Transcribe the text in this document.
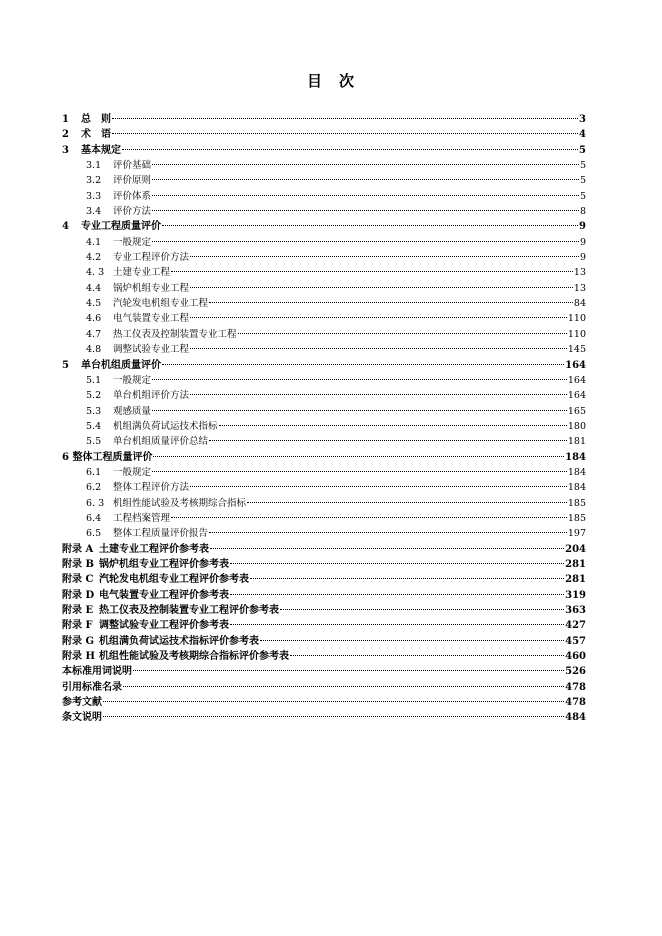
目　次
1	总　则	3
2	术　语	4
3	基本规定	5
3.1	评价基础	5
3.2	评价原则	5
3.3	评价体系	5
3.4	评价方法	8
4	专业工程质量评价	9
4.1	一般规定	9
4.2	专业工程评价方法	9
4. 3 土建专业工程	13
4.4	锅炉机组专业工程	13
4.5	汽轮发电机组专业工程	84
4.6	电气装置专业工程	110
4.7	热工仪表及控制装置专业工程	110
4.8	调整试验专业工程	145
5	单台机组质量评价	164
5.1	一般规定	164
5.2	单台机组评价方法	164
5.3	观感质量	165
5.4	机组满负荷试运技术指标	180
5.5	单台机组质量评价总结	181
6 整体工程质量评价	184
6.1	一般规定	184
6.2	整体工程评价方法	184
6. 3 机组性能试验及考核期综合指标	185
6.4	工程档案管理	185
6.5	整体工程质量评价报告	197
附录 A 土建专业工程评价参考表	204
附录 B 锅炉机组专业工程评价参考表	281
附录 C 汽轮发电机组专业工程评价参考表	281
附录 D 电气装置专业工程评价参考表	319
附录 E 热工仪表及控制装置专业工程评价参考表	363
附录 F 调整试验专业工程评价参考表	427
附录 G 机组满负荷试运技术指标评价参考表	457
附录 H 机组性能试验及考核期综合指标评价参考表	460
本标准用词说明	526
引用标准名录	478
参考文献	478
条文说明	484
